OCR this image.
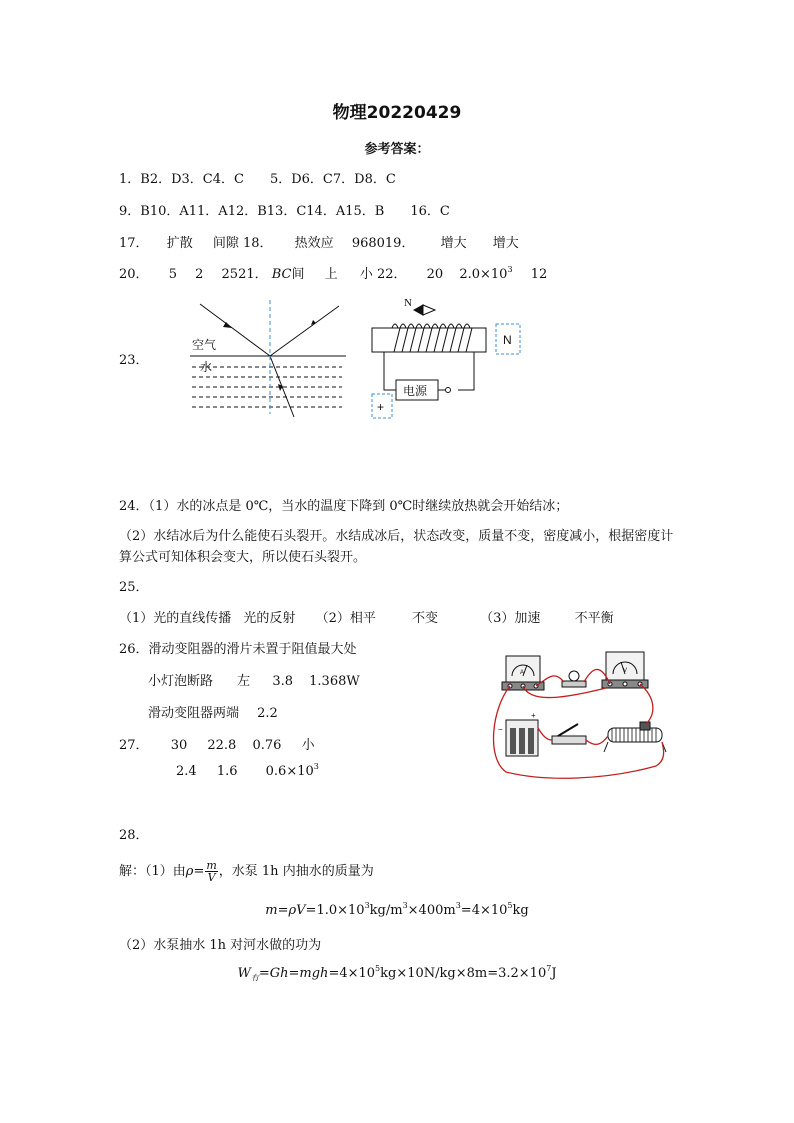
物理20220429
参考答案：
1．B2．D3．C4．C 5．D6．C7．D8．C
9．B10．A11．A12．B13．C14．A15．B 16．C
17． 扩散 间隙 18． 热效应 968019． 增大 增大
20． 5 2 2521． BC间 上 小 22． 20 $2.0\times 10^3$ 12
23．
空气
水
N
电源
N
+
24．（1）水的冰点是 0℃，当水的温度下降到 0℃时继续放热就会开始结冰；
（2）水结冰后为什么能使石头裂开。水结成冰后，状态改变，质量不变，密度减小，根据密度计算公式可知体积会变大，所以使石头裂开。
25．
（1）光的直线传播 光的反射 （2）相平	不变	（3）加速	不平衡
26．滑动变阻器的滑片未置于阻值最大处
小灯泡断路 左 3.8 1.368W
滑动变阻器两端 2.2
27． 30 22.8 0.76 小
2.4 1.6 $0.6\times 10^3$
A	V
−
+
28．
解：（1）由$\rho= \frac{m}{V}$ ，水泵 1h 内抽水的质量为
$m=\rho V=1.0\times 10^3kg/m^3\times 400m^3=4\times 10^5kg$
（2）水泵抽水 1h 对河水做的功为
$W_有=Gh=mgh=4\times 10^5kg\times 10N/kg\times 8m=3.2\times 10^7J$
